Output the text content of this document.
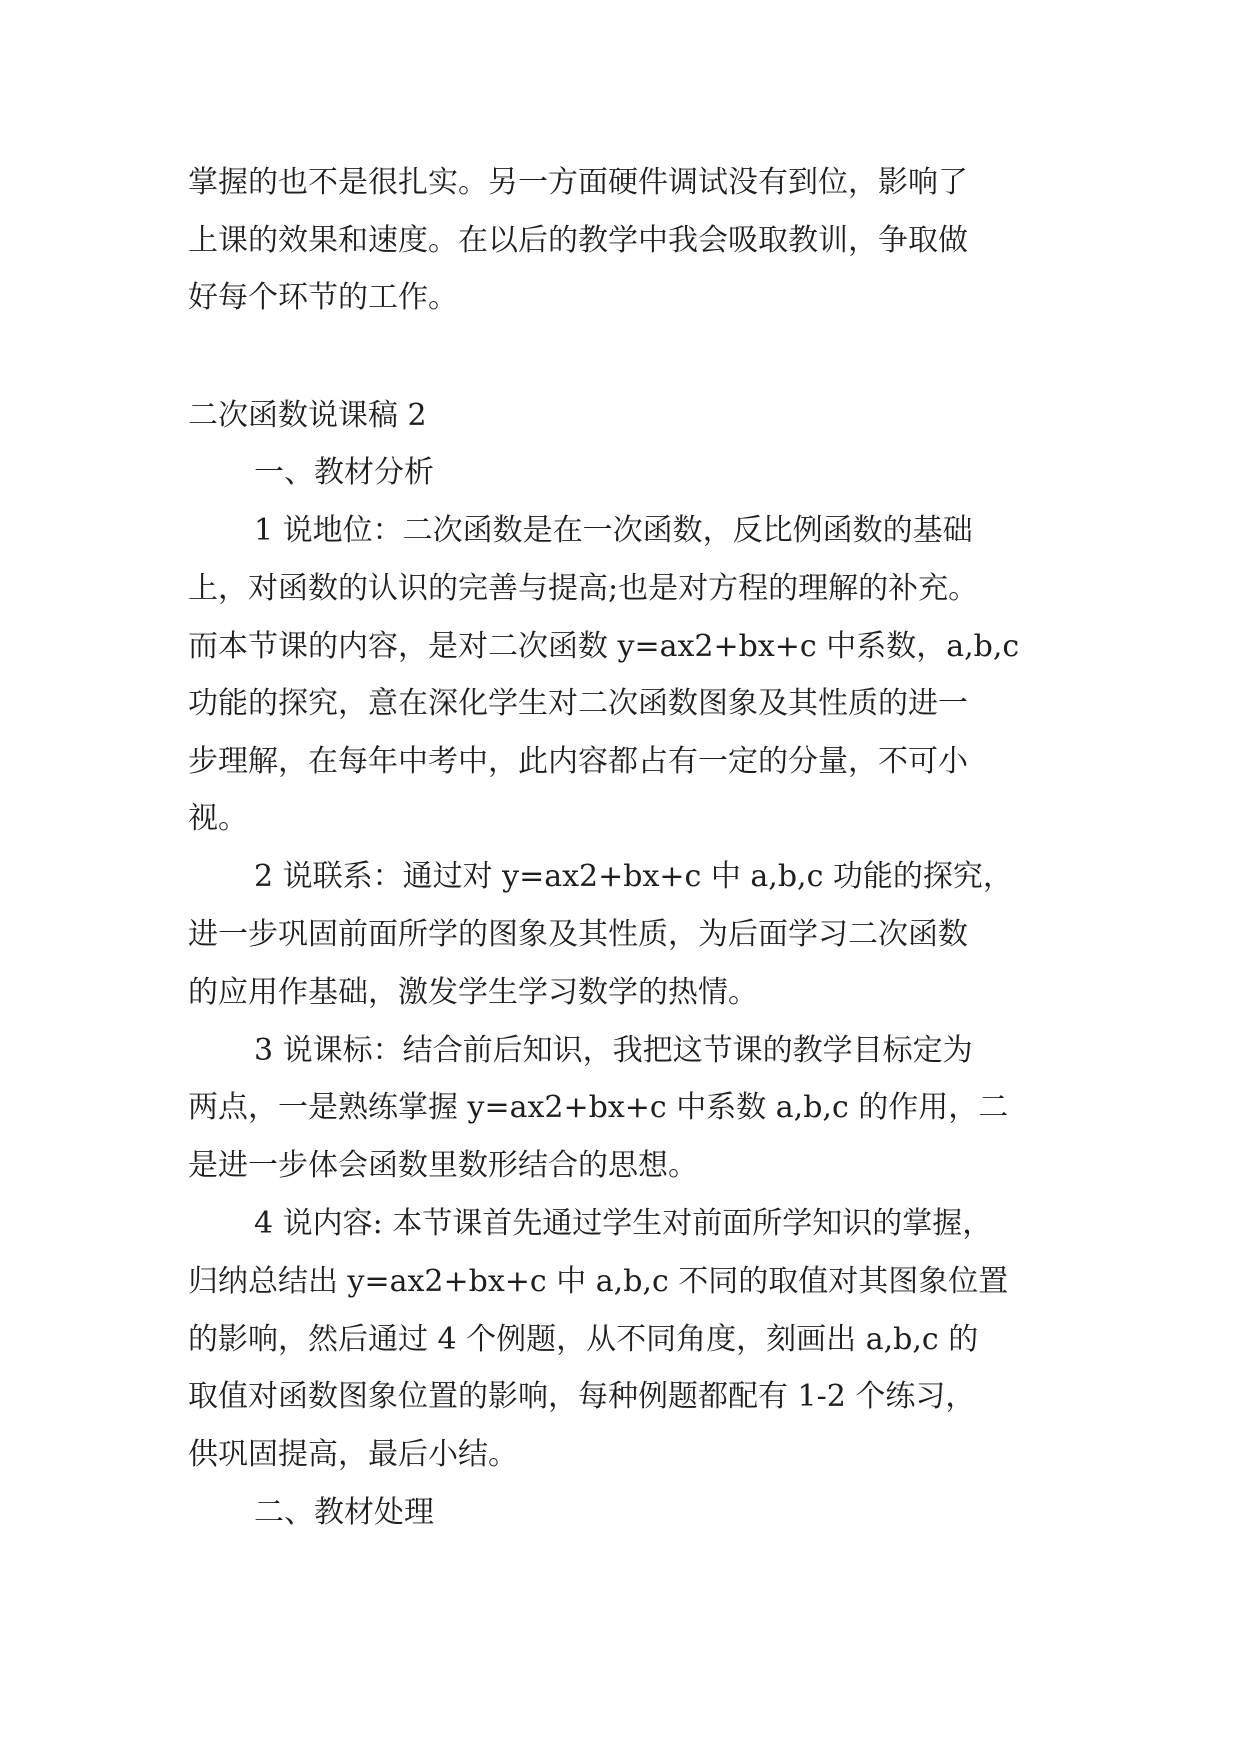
掌握的也不是很扎实。另一方面硬件调试没有到位，影响了

上课的效果和速度。在以后的教学中我会吸取教训，争取做

好每个环节的工作。

二次函数说课稿 2

一、教材分析

1 说地位：二次函数是在一次函数，反比例函数的基础

上，对函数的认识的完善与提高;也是对方程的理解的补充。

而本节课的内容，是对二次函数 y=ax2+bx+c 中系数，a,b,c

功能的探究，意在深化学生对二次函数图象及其性质的进一

步理解，在每年中考中，此内容都占有一定的分量，不可小

视。

2 说联系：通过对 y=ax2+bx+c 中 a,b,c 功能的探究，

进一步巩固前面所学的图象及其性质，为后面学习二次函数

的应用作基础，激发学生学习数学的热情。

3 说课标：结合前后知识，我把这节课的教学目标定为

两点，一是熟练掌握 y=ax2+bx+c 中系数 a,b,c 的作用，二

是进一步体会函数里数形结合的思想。

4 说内容: 本节课首先通过学生对前面所学知识的掌握，

归纳总结出 y=ax2+bx+c 中 a,b,c 不同的取值对其图象位置

的影响，然后通过 4 个例题，从不同角度，刻画出 a,b,c 的

取值对函数图象位置的影响，每种例题都配有 1-2 个练习，

供巩固提高，最后小结。

二、教材处理
